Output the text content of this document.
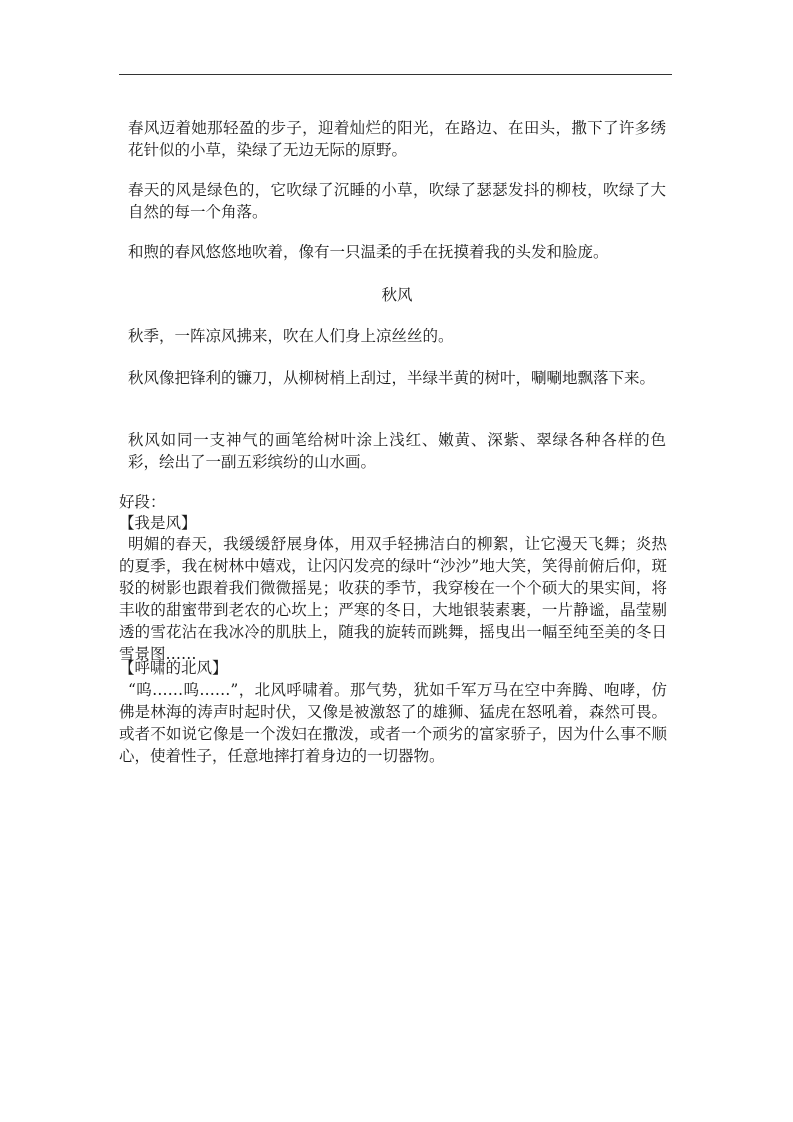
春风迈着她那轻盈的步子，迎着灿烂的阳光，在路边、在田头，撒下了许多绣花针似的小草，染绿了无边无际的原野。

春天的风是绿色的，它吹绿了沉睡的小草，吹绿了瑟瑟发抖的柳枝，吹绿了大自然的每一个角落。

和煦的春风悠悠地吹着，像有一只温柔的手在抚摸着我的头发和脸庞。

秋风

秋季，一阵凉风拂来，吹在人们身上凉丝丝的。

秋风像把锋利的镰刀，从柳树梢上刮过，半绿半黄的树叶，唰唰地飘落下来。

秋风如同一支神气的画笔给树叶涂上浅红、嫩黄、深紫、翠绿各种各样的色彩，绘出了一副五彩缤纷的山水画。

好段：

【我是风】

明媚的春天，我缓缓舒展身体，用双手轻拂洁白的柳絮，让它漫天飞舞；炎热的夏季，我在树林中嬉戏，让闪闪发亮的绿叶“沙沙”地大笑，笑得前俯后仰，斑驳的树影也跟着我们微微摇晃；收获的季节，我穿梭在一个个硕大的果实间，将丰收的甜蜜带到老农的心坎上；严寒的冬日，大地银装素裹，一片静谧，晶莹剔透的雪花沾在我冰冷的肌肤上，随我的旋转而跳舞，摇曳出一幅至纯至美的冬日雪景图……

【呼啸的北风】

“呜……呜……”，北风呼啸着。那气势，犹如千军万马在空中奔腾、咆哮，仿佛是林海的涛声时起时伏，又像是被激怒了的雄狮、猛虎在怒吼着，森然可畏。或者不如说它像是一个泼妇在撒泼，或者一个顽劣的富家骄子，因为什么事不顺心，使着性子，任意地摔打着身边的一切器物。
